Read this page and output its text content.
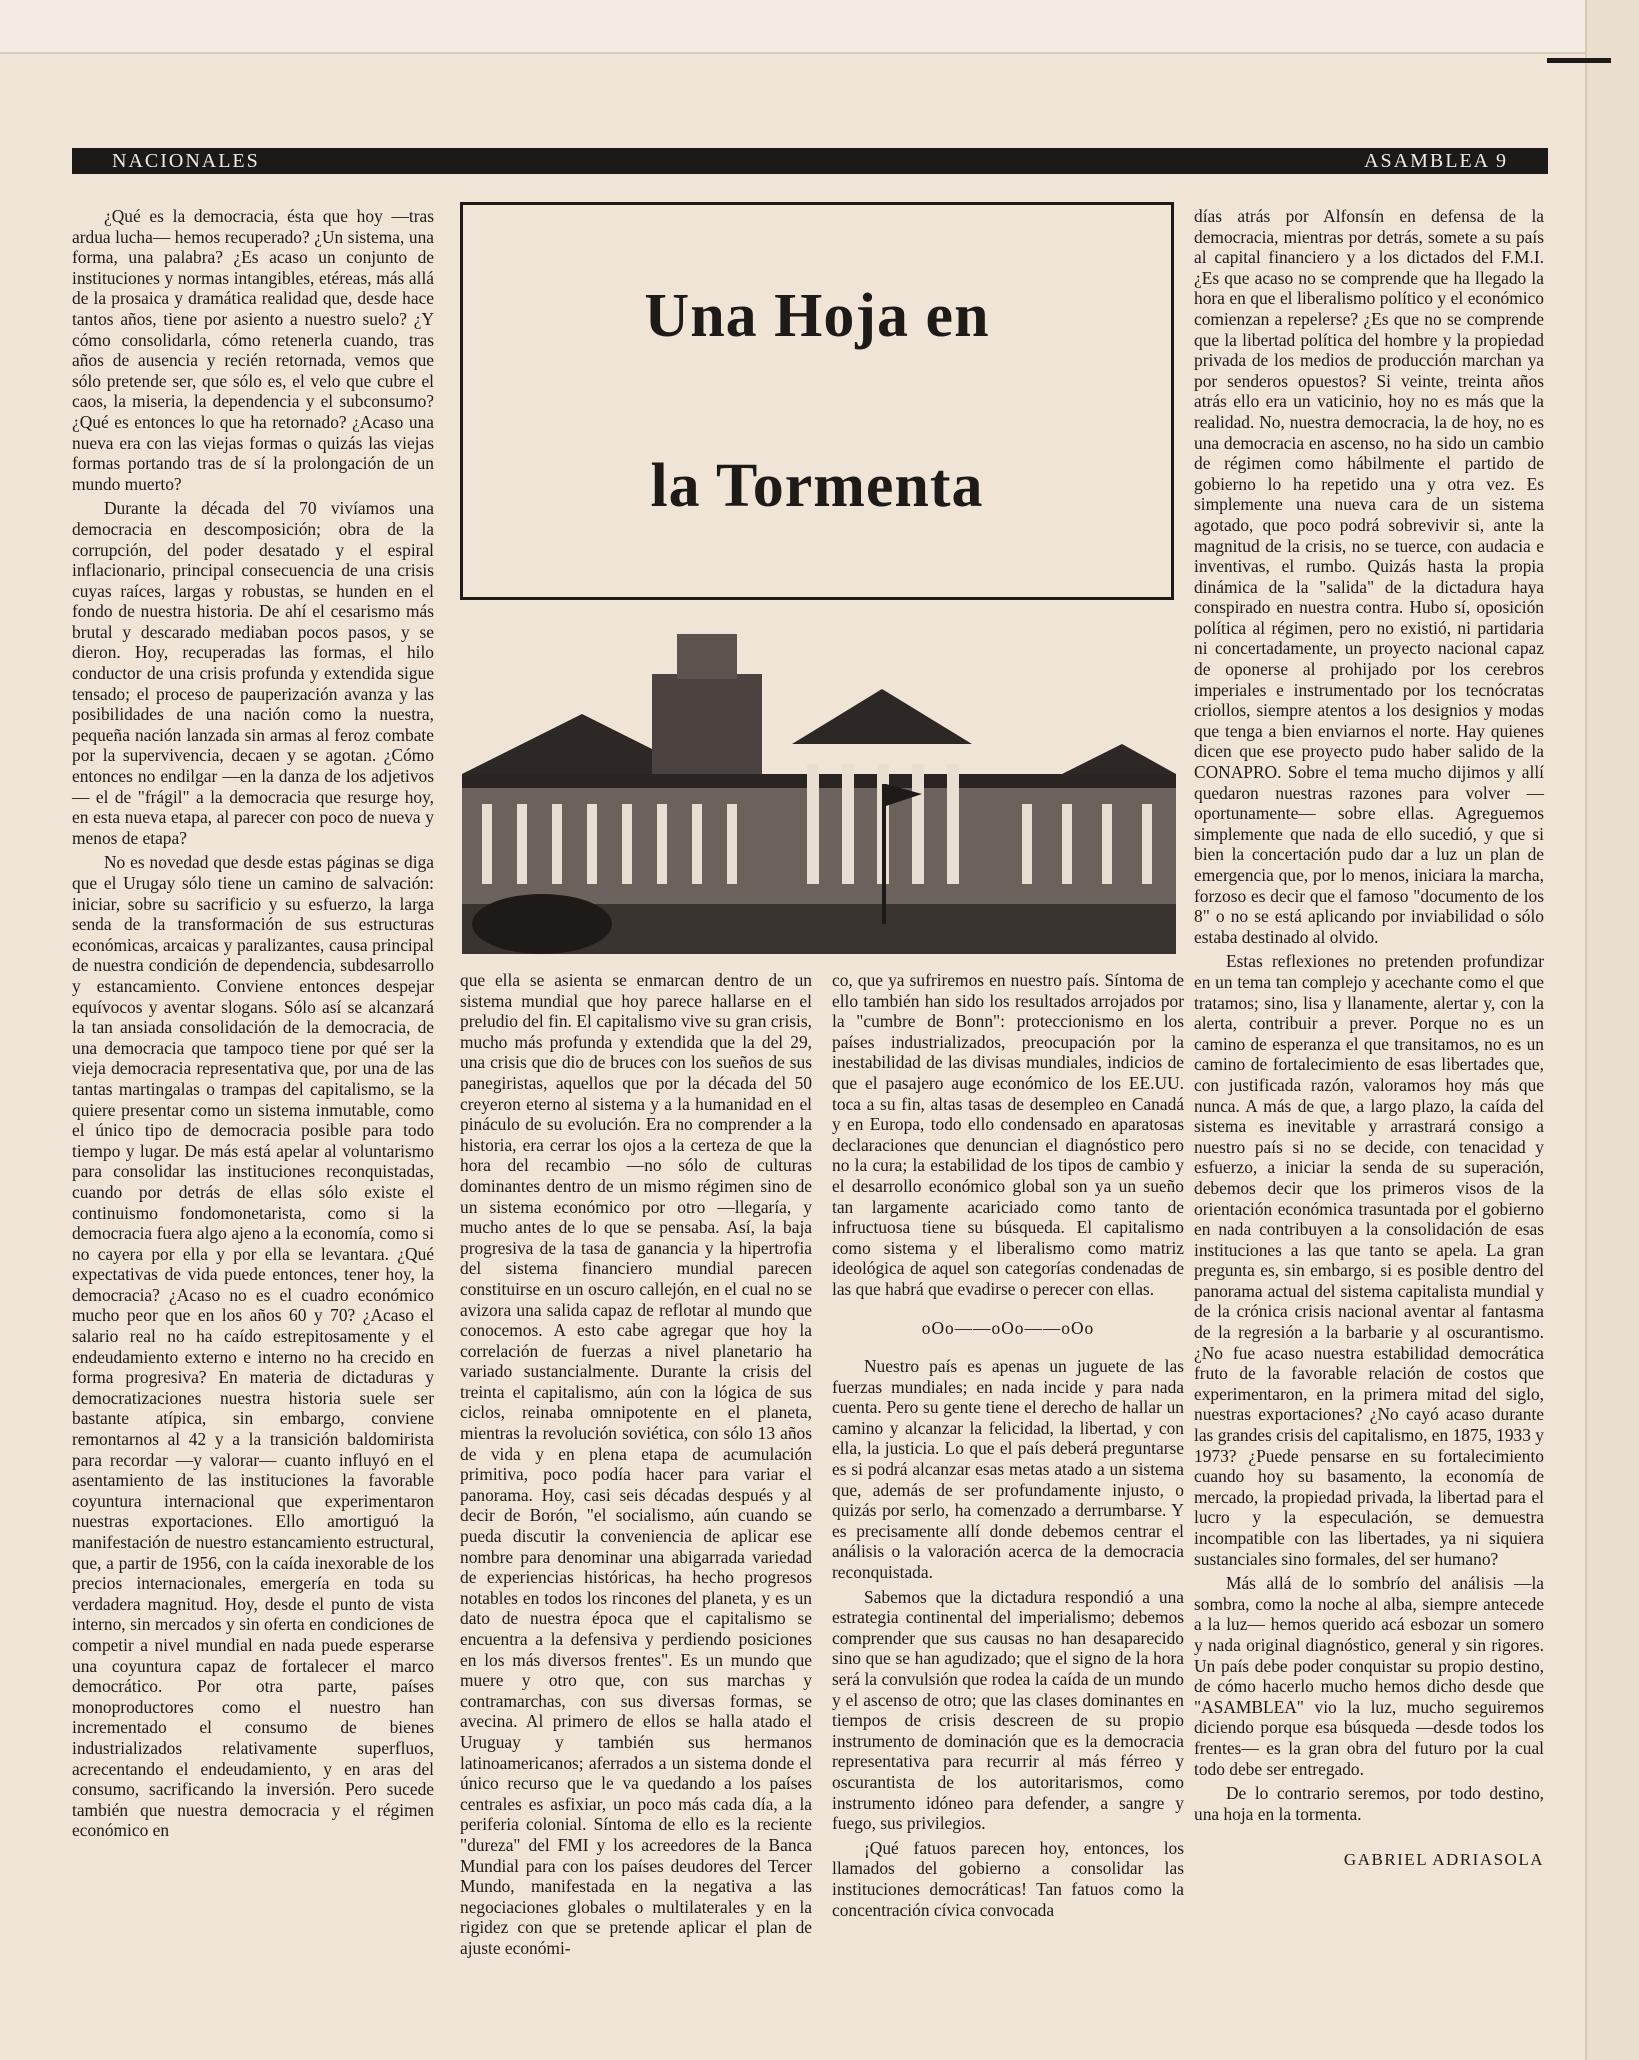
NACIONALES	ASAMBLEA 9

¿Qué es la democracia, ésta que hoy —tras ardua lucha— hemos recuperado? ¿Un sistema, una forma, una palabra? ¿Es acaso un conjunto de instituciones y normas intangibles, etéreas, más allá de la prosaica y dramática realidad que, desde hace tantos años, tiene por asiento a nuestro suelo? ¿Y cómo consolidarla, cómo retenerla cuando, tras años de ausencia y recién retornada, vemos que sólo pretende ser, que sólo es, el velo que cubre el caos, la miseria, la dependencia y el subconsumo? ¿Qué es entonces lo que ha retornado? ¿Acaso una nueva era con las viejas formas o quizás las viejas formas portando tras de sí la prolongación de un mundo muerto?

Durante la década del 70 vivíamos una democracia en descomposición; obra de la corrupción, del poder desatado y el espiral inflacionario, principal consecuencia de una crisis cuyas raíces, largas y robustas, se hunden en el fondo de nuestra historia. De ahí el cesarismo más brutal y descarado mediaban pocos pasos, y se dieron. Hoy, recuperadas las formas, el hilo conductor de una crisis profunda y extendida sigue tensado; el proceso de pauperización avanza y las posibilidades de una nación como la nuestra, pequeña nación lanzada sin armas al feroz combate por la supervivencia, decaen y se agotan. ¿Cómo entonces no endilgar —en la danza de los adjetivos— el de "frágil" a la democracia que resurge hoy, en esta nueva etapa, al parecer con poco de nueva y menos de etapa?

No es novedad que desde estas páginas se diga que el Urugay sólo tiene un camino de salvación: iniciar, sobre su sacrificio y su esfuerzo, la larga senda de la transformación de sus estructuras económicas, arcaicas y paralizantes, causa principal de nuestra condición de dependencia, subdesarrollo y estancamiento. Conviene entonces despejar equívocos y aventar slogans. Sólo así se alcanzará la tan ansiada consolidación de la democracia, de una democracia que tampoco tiene por qué ser la vieja democracia representativa que, por una de las tantas martingalas o trampas del capitalismo, se la quiere presentar como un sistema inmutable, como el único tipo de democracia posible para todo tiempo y lugar. De más está apelar al voluntarismo para consolidar las instituciones reconquistadas, cuando por detrás de ellas sólo existe el continuismo fondomonetarista, como si la democracia fuera algo ajeno a la economía, como si no cayera por ella y por ella se levantara. ¿Qué expectativas de vida puede entonces, tener hoy, la democracia? ¿Acaso no es el cuadro económico mucho peor que en los años 60 y 70? ¿Acaso el salario real no ha caído estrepitosamente y el endeudamiento externo e interno no ha crecido en forma progresiva? En materia de dictaduras y democratizaciones nuestra historia suele ser bastante atípica, sin embargo, conviene remontarnos al 42 y a la transición baldomirista para recordar —y valorar— cuanto influyó en el asentamiento de las instituciones la favorable coyuntura internacional que experimentaron nuestras exportaciones. Ello amortiguó la manifestación de nuestro estancamiento estructural, que, a partir de 1956, con la caída inexorable de los precios internacionales, emergería en toda su verdadera magnitud. Hoy, desde el punto de vista interno, sin mercados y sin oferta en condiciones de competir a nivel mundial en nada puede esperarse una coyuntura capaz de fortalecer el marco democrático. Por otra parte, países monoproductores como el nuestro han incrementado el consumo de bienes industrializados relativamente superfluos, acrecentando el endeudamiento, y en aras del consumo, sacrificando la inversión. Pero sucede también que nuestra democracia y el régimen económico en

Una Hoja en
la Tormenta

que ella se asienta se enmarcan dentro de un sistema mundial que hoy parece hallarse en el preludio del fin. El capitalismo vive su gran crisis, mucho más profunda y extendida que la del 29, una crisis que dio de bruces con los sueños de sus panegiristas, aquellos que por la década del 50 creyeron eterno al sistema y a la humanidad en el pináculo de su evolución. Era no comprender a la historia, era cerrar los ojos a la certeza de que la hora del recambio —no sólo de culturas dominantes dentro de un mismo régimen sino de un sistema económico por otro —llegaría, y mucho antes de lo que se pensaba. Así, la baja progresiva de la tasa de ganancia y la hipertrofia del sistema financiero mundial parecen constituirse en un oscuro callejón, en el cual no se avizora una salida capaz de reflotar al mundo que conocemos. A esto cabe agregar que hoy la correlación de fuerzas a nivel planetario ha variado sustancialmente. Durante la crisis del treinta el capitalismo, aún con la lógica de sus ciclos, reinaba omnipotente en el planeta, mientras la revolución soviética, con sólo 13 años de vida y en plena etapa de acumulación primitiva, poco podía hacer para variar el panorama. Hoy, casi seis décadas después y al decir de Borón, "el socialismo, aún cuando se pueda discutir la conveniencia de aplicar ese nombre para denominar una abigarrada variedad de experiencias históricas, ha hecho progresos notables en todos los rincones del planeta, y es un dato de nuestra época que el capitalismo se encuentra a la defensiva y perdiendo posiciones en los más diversos frentes". Es un mundo que muere y otro que, con sus marchas y contramarchas, con sus diversas formas, se avecina. Al primero de ellos se halla atado el Uruguay y también sus hermanos latinoamericanos; aferrados a un sistema donde el único recurso que le va quedando a los países centrales es asfixiar, un poco más cada día, a la periferia colonial. Síntoma de ello es la reciente "dureza" del FMI y los acreedores de la Banca Mundial para con los países deudores del Tercer Mundo, manifestada en la negativa a las negociaciones globales o multilaterales y en la rigidez con que se pretende aplicar el plan de ajuste económi-

co, que ya sufriremos en nuestro país. Síntoma de ello también han sido los resultados arrojados por la "cumbre de Bonn": proteccionismo en los países industrializados, preocupación por la inestabilidad de las divisas mundiales, indicios de que el pasajero auge económico de los EE.UU. toca a su fin, altas tasas de desempleo en Canadá y en Europa, todo ello condensado en aparatosas declaraciones que denuncian el diagnóstico pero no la cura; la estabilidad de los tipos de cambio y el desarrollo económico global son ya un sueño tan largamente acariciado como tanto de infructuosa tiene su búsqueda. El capitalismo como sistema y el liberalismo como matriz ideológica de aquel son categorías condenadas de las que habrá que evadirse o perecer con ellas.

oOo——oOo——oOo

Nuestro país es apenas un juguete de las fuerzas mundiales; en nada incide y para nada cuenta. Pero su gente tiene el derecho de hallar un camino y alcanzar la felicidad, la libertad, y con ella, la justicia. Lo que el país deberá preguntarse es si podrá alcanzar esas metas atado a un sistema que, además de ser profundamente injusto, o quizás por serlo, ha comenzado a derrumbarse. Y es precisamente allí donde debemos centrar el análisis o la valoración acerca de la democracia reconquistada.

Sabemos que la dictadura respondió a una estrategia continental del imperialismo; debemos comprender que sus causas no han desaparecido sino que se han agudizado; que el signo de la hora será la convulsión que rodea la caída de un mundo y el ascenso de otro; que las clases dominantes en tiempos de crisis descreen de su propio instrumento de dominación que es la democracia representativa para recurrir al más férreo y oscurantista de los autoritarismos, como instrumento idóneo para defender, a sangre y fuego, sus privilegios.

¡Qué fatuos parecen hoy, entonces, los llamados del gobierno a consolidar las instituciones democráticas! Tan fatuos como la concentración cívica convocada

días atrás por Alfonsín en defensa de la democracia, mientras por detrás, somete a su país al capital financiero y a los dictados del F.M.I. ¿Es que acaso no se comprende que ha llegado la hora en que el liberalismo político y el económico comienzan a repelerse? ¿Es que no se comprende que la libertad política del hombre y la propiedad privada de los medios de producción marchan ya por senderos opuestos? Si veinte, treinta años atrás ello era un vaticinio, hoy no es más que la realidad. No, nuestra democracia, la de hoy, no es una democracia en ascenso, no ha sido un cambio de régimen como hábilmente el partido de gobierno lo ha repetido una y otra vez. Es simplemente una nueva cara de un sistema agotado, que poco podrá sobrevivir si, ante la magnitud de la crisis, no se tuerce, con audacia e inventivas, el rumbo. Quizás hasta la propia dinámica de la "salida" de la dictadura haya conspirado en nuestra contra. Hubo sí, oposición política al régimen, pero no existió, ni partidaria ni concertadamente, un proyecto nacional capaz de oponerse al prohijado por los cerebros imperiales e instrumentado por los tecnócratas criollos, siempre atentos a los designios y modas que tenga a bien enviarnos el norte. Hay quienes dicen que ese proyecto pudo haber salido de la CONAPRO. Sobre el tema mucho dijimos y allí quedaron nuestras razones para volver —oportunamente— sobre ellas. Agreguemos simplemente que nada de ello sucedió, y que si bien la concertación pudo dar a luz un plan de emergencia que, por lo menos, iniciara la marcha, forzoso es decir que el famoso "documento de los 8" o no se está aplicando por inviabilidad o sólo estaba destinado al olvido.

Estas reflexiones no pretenden profundizar en un tema tan complejo y acechante como el que tratamos; sino, lisa y llanamente, alertar y, con la alerta, contribuir a prever. Porque no es un camino de esperanza el que transitamos, no es un camino de fortalecimiento de esas libertades que, con justificada razón, valoramos hoy más que nunca. A más de que, a largo plazo, la caída del sistema es inevitable y arrastrará consigo a nuestro país si no se decide, con tenacidad y esfuerzo, a iniciar la senda de su superación, debemos decir que los primeros visos de la orientación económica trasuntada por el gobierno en nada contribuyen a la consolidación de esas instituciones a las que tanto se apela. La gran pregunta es, sin embargo, si es posible dentro del panorama actual del sistema capitalista mundial y de la crónica crisis nacional aventar al fantasma de la regresión a la barbarie y al oscurantismo. ¿No fue acaso nuestra estabilidad democrática fruto de la favorable relación de costos que experimentaron, en la primera mitad del siglo, nuestras exportaciones? ¿No cayó acaso durante las grandes crisis del capitalismo, en 1875, 1933 y 1973? ¿Puede pensarse en su fortalecimiento cuando hoy su basamento, la economía de mercado, la propiedad privada, la libertad para el lucro y la especulación, se demuestra incompatible con las libertades, ya ni siquiera sustanciales sino formales, del ser humano?

Más allá de lo sombrío del análisis —la sombra, como la noche al alba, siempre antecede a la luz— hemos querido acá esbozar un somero y nada original diagnóstico, general y sin rigores. Un país debe poder conquistar su propio destino, de cómo hacerlo mucho hemos dicho desde que "ASAMBLEA" vio la luz, mucho seguiremos diciendo porque esa búsqueda —desde todos los frentes— es la gran obra del futuro por la cual todo debe ser entregado.

De lo contrario seremos, por todo destino, una hoja en la tormenta.

GABRIEL ADRIASOLA
